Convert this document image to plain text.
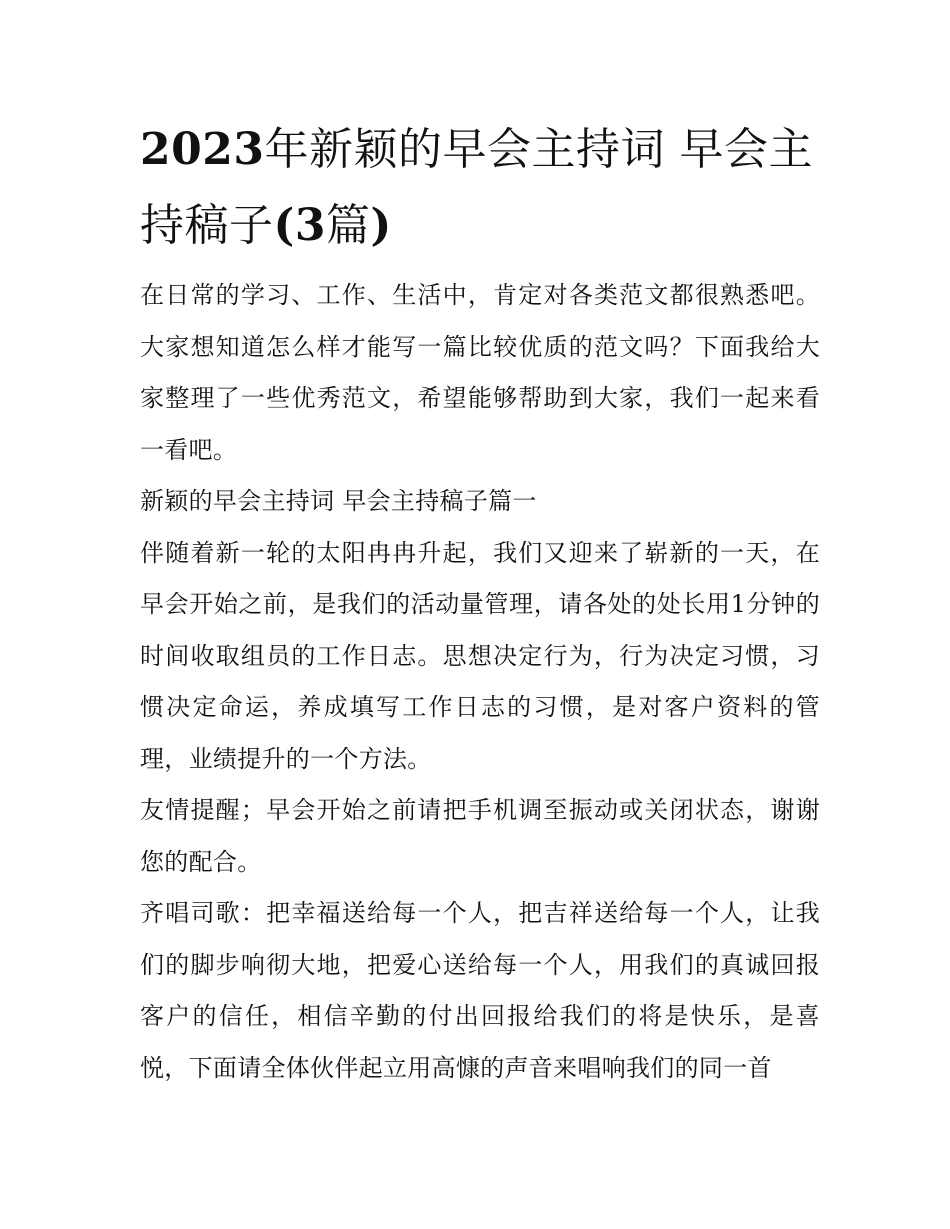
2023年新颖的早会主持词 早会主持稿子(3篇)

在日常的学习、工作、生活中，肯定对各类范文都很熟悉吧。大家想知道怎么样才能写一篇比较优质的范文吗？下面我给大家整理了一些优秀范文，希望能够帮助到大家，我们一起来看一看吧。

新颖的早会主持词 早会主持稿子篇一

伴随着新一轮的太阳冉冉升起，我们又迎来了崭新的一天，在早会开始之前，是我们的活动量管理，请各处的处长用1分钟的时间收取组员的工作日志。思想决定行为，行为决定习惯，习惯决定命运，养成填写工作日志的习惯，是对客户资料的管理，业绩提升的一个方法。

友情提醒；早会开始之前请把手机调至振动或关闭状态，谢谢您的配合。

齐唱司歌：把幸福送给每一个人，把吉祥送给每一个人，让我们的脚步响彻大地，把爱心送给每一个人，用我们的真诚回报客户的信任，相信辛勤的付出回报给我们的将是快乐，是喜悦，下面请全体伙伴起立用高慷的声音来唱响我们的同一首
